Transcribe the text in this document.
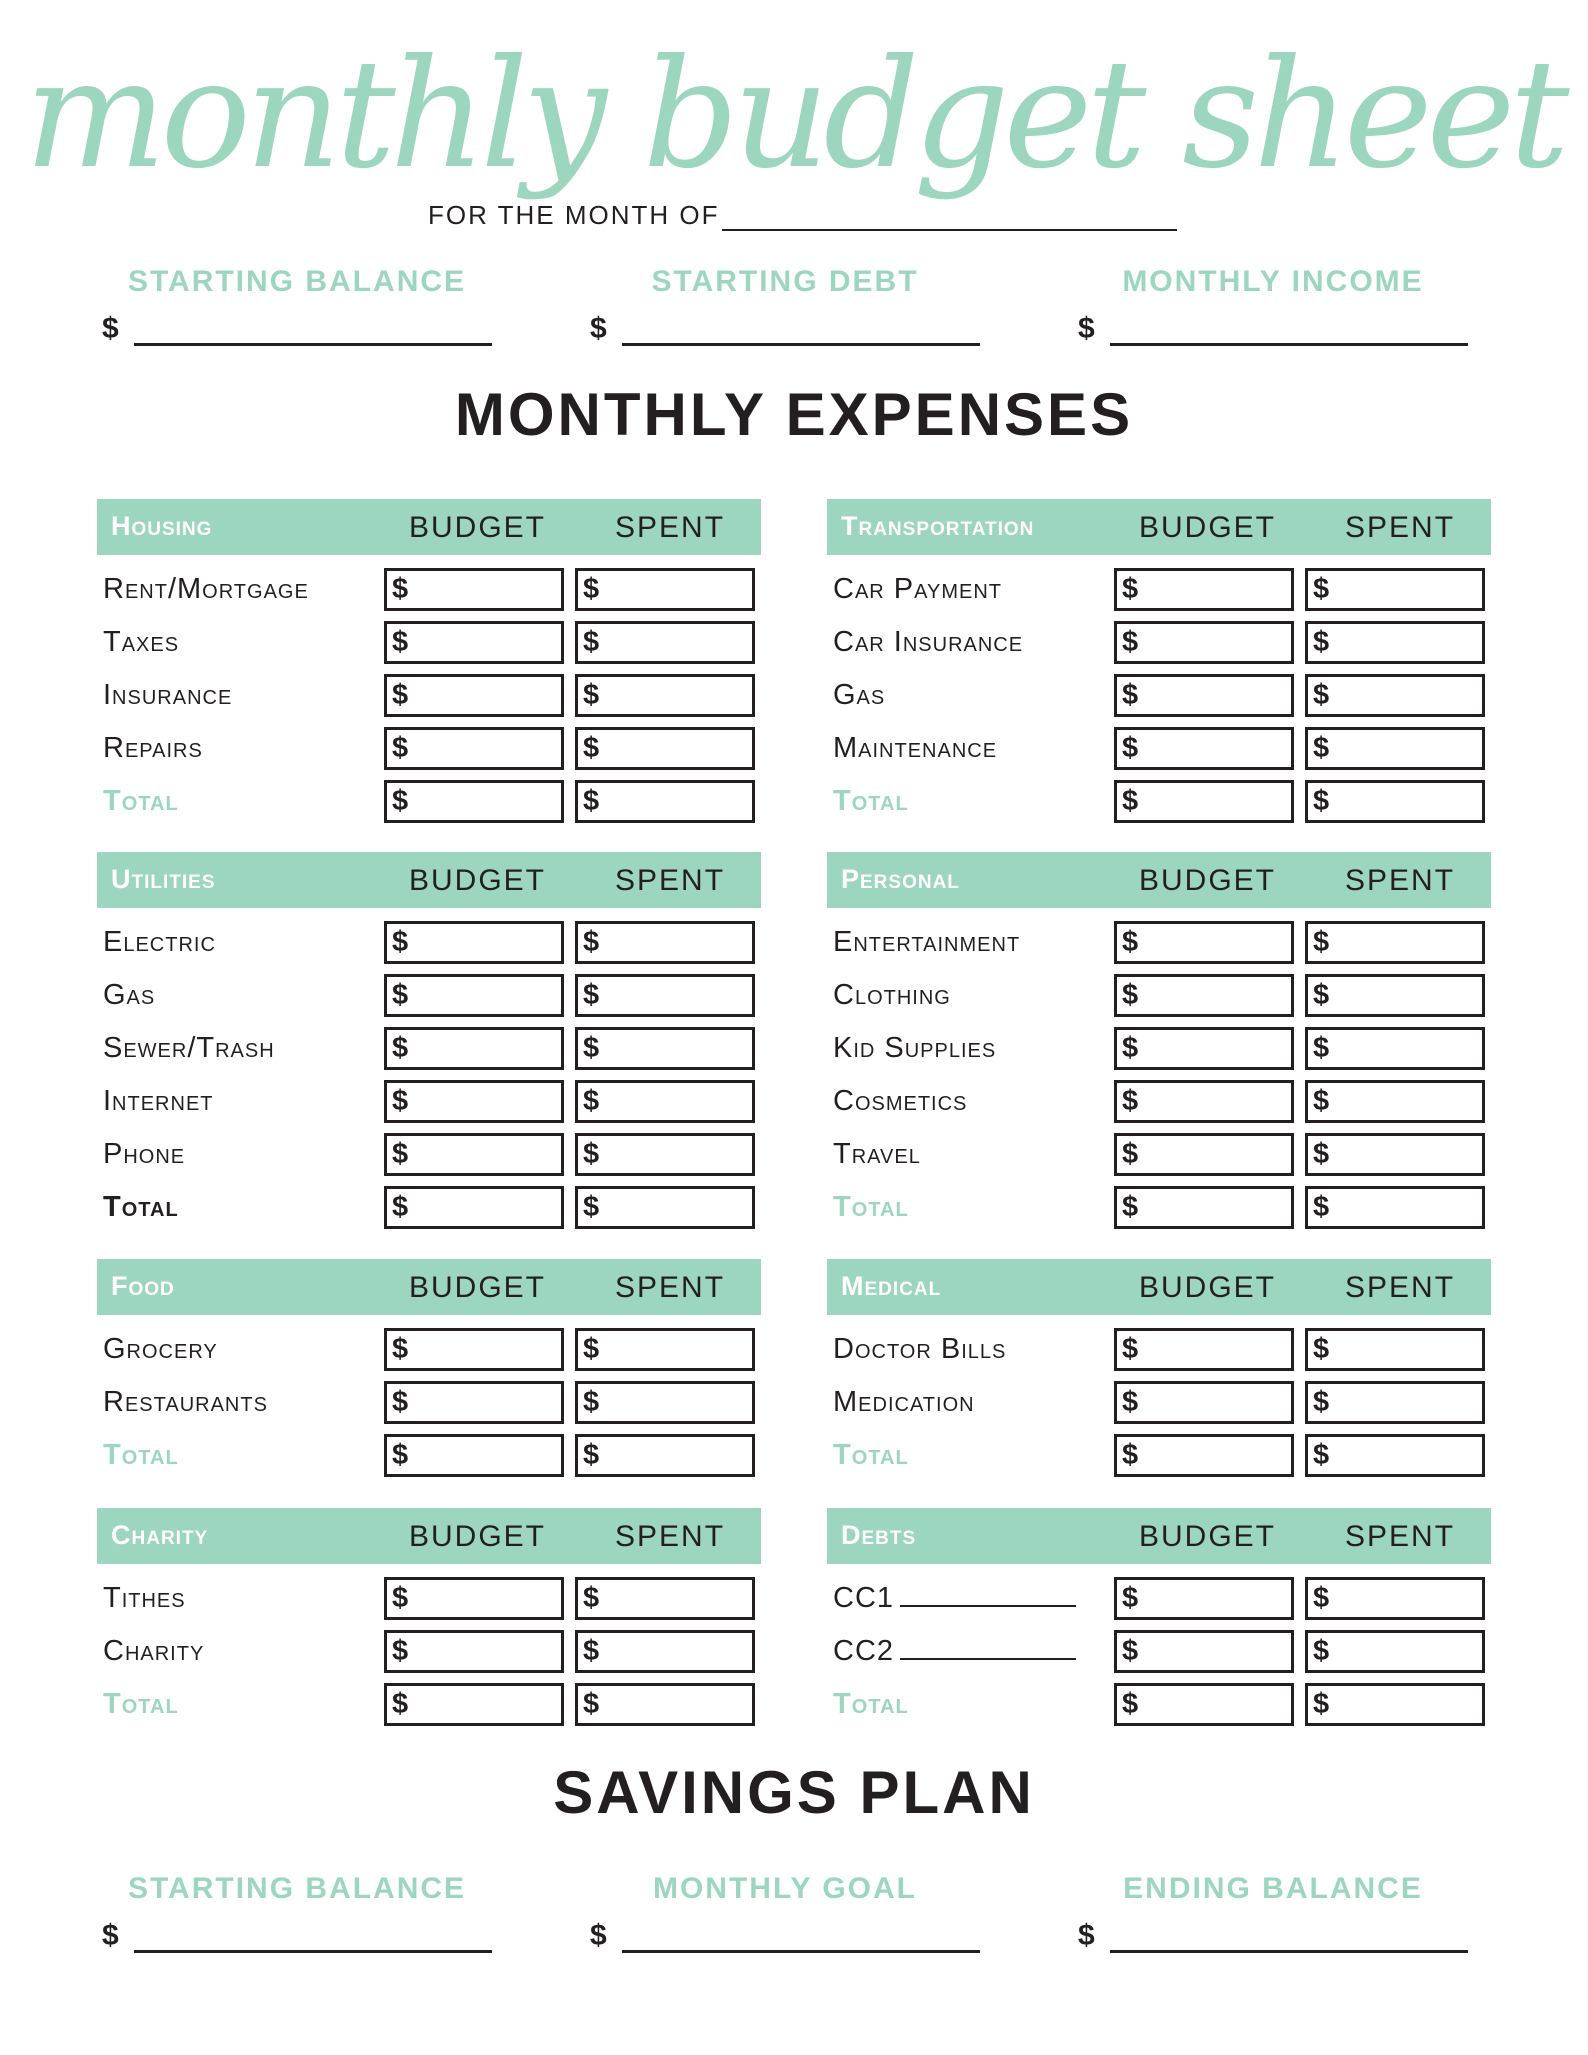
monthly budget sheet
FOR THE MONTH OF
STARTING BALANCE
$
STARTING DEBT
$
MONTHLY INCOME
$
MONTHLY EXPENSES
Housing	BUDGET SPENT
Rent/Mortgage	$	$
Taxes	$	$
Insurance	$	$
Repairs	$	$
Total	$	$
Transportation	BUDGET SPENT
Car Payment	$	$
Car Insurance	$	$
Gas	$	$
Maintenance	$	$
Total	$	$
Utilities	BUDGET SPENT
Electric	$	$
Gas	$	$
Sewer/Trash	$	$
Internet	$	$
Phone	$	$
Total	$	$
Personal	BUDGET SPENT
Entertainment	$	$
Clothing	$	$
Kid Supplies	$	$
Cosmetics	$	$
Travel	$	$
Total	$	$
Food	BUDGET SPENT
Grocery	$	$
Restaurants	$	$
Total	$	$
Medical	BUDGET SPENT
Doctor Bills	$	$
Medication	$	$
Total	$	$
Charity	BUDGET SPENT
Tithes	$	$
Charity	$	$
Total	$	$
Debts	BUDGET SPENT
CC1	$	$
CC2	$	$
Total	$	$
SAVINGS PLAN
STARTING BALANCE
$
MONTHLY GOAL
$
ENDING BALANCE
$
